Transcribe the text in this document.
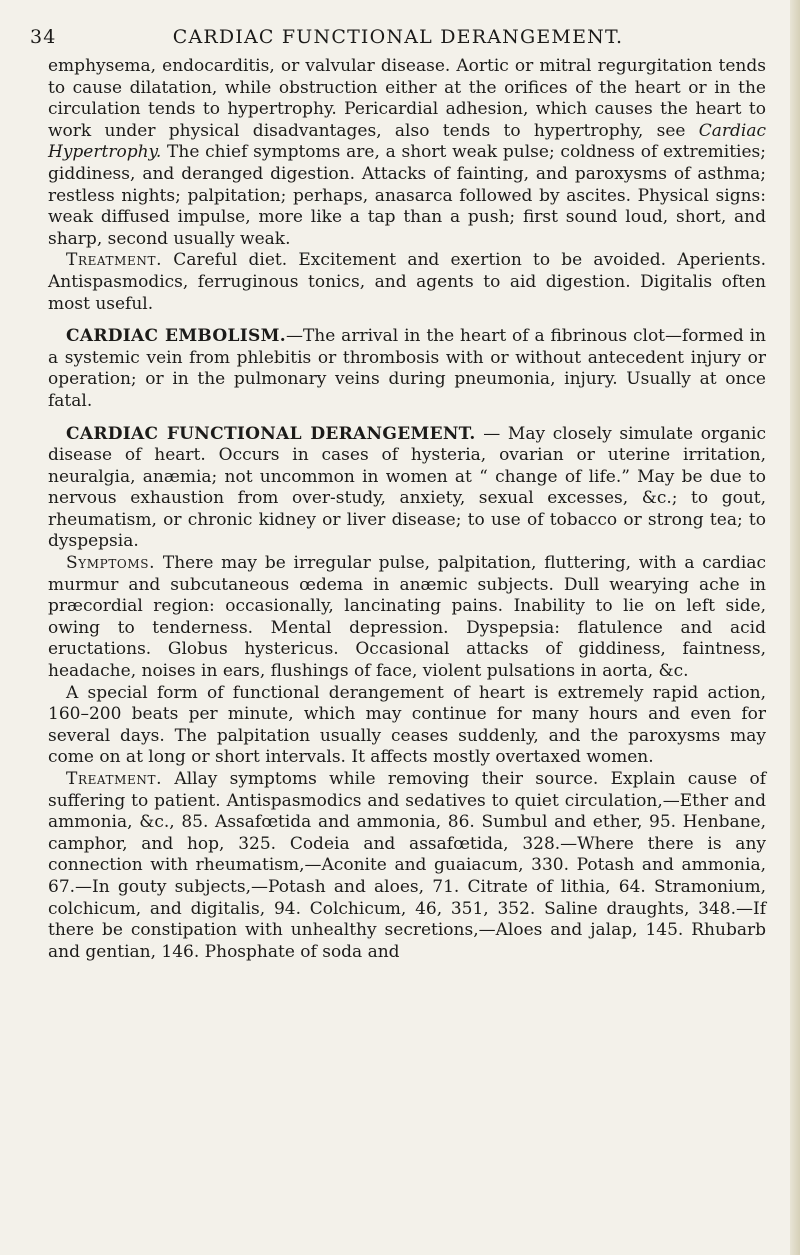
34	CARDIAC FUNCTIONAL DERANGEMENT.

emphysema, endocarditis, or valvular disease. Aortic or mitral regurgitation tends to cause dilatation, while obstruction either at the orifices of the heart or in the circulation tends to hypertrophy. Pericardial adhesion, which causes the heart to work under physical disadvantages, also tends to hypertrophy, see Cardiac Hypertrophy. The chief symptoms are, a short weak pulse; coldness of extremities; giddiness, and deranged digestion. Attacks of fainting, and paroxysms of asthma; restless nights; palpitation; perhaps, anasarca followed by ascites. Physical signs: weak diffused impulse, more like a tap than a push; first sound loud, short, and sharp, second usually weak.

Treatment. Careful diet. Excitement and exertion to be avoided. Aperients. Antispasmodics, ferruginous tonics, and agents to aid digestion. Digitalis often most useful.

CARDIAC EMBOLISM.—The arrival in the heart of a fibrinous clot—formed in a systemic vein from phlebitis or thrombosis with or without antecedent injury or operation; or in the pulmonary veins during pneumonia, injury. Usually at once fatal.

CARDIAC FUNCTIONAL DERANGEMENT. — May closely simulate organic disease of heart. Occurs in cases of hysteria, ovarian or uterine irritation, neuralgia, anæmia; not uncommon in women at “ change of life.” May be due to nervous exhaustion from over-study, anxiety, sexual excesses, &c.; to gout, rheumatism, or chronic kidney or liver disease; to use of tobacco or strong tea; to dyspepsia.

Symptoms. There may be irregular pulse, palpitation, fluttering, with a cardiac murmur and subcutaneous œdema in anæmic subjects. Dull wearying ache in præcordial region: occasionally, lancinating pains. Inability to lie on left side, owing to tenderness. Mental depression. Dyspepsia: flatulence and acid eructations. Globus hystericus. Occasional attacks of giddiness, faintness, headache, noises in ears, flushings of face, violent pulsations in aorta, &c.

A special form of functional derangement of heart is extremely rapid action, 160–200 beats per minute, which may continue for many hours and even for several days. The palpitation usually ceases suddenly, and the paroxysms may come on at long or short intervals. It affects mostly overtaxed women.

Treatment. Allay symptoms while removing their source. Explain cause of suffering to patient. Antispasmodics and sedatives to quiet circulation,—Ether and ammonia, &c., 85. Assafœtida and ammonia, 86. Sumbul and ether, 95. Henbane, camphor, and hop, 325. Codeia and assafœtida, 328.—Where there is any connection with rheumatism,—Aconite and guaiacum, 330. Potash and ammonia, 67.—In gouty subjects,—Potash and aloes, 71. Citrate of lithia, 64. Stramonium, colchicum, and digitalis, 94. Colchicum, 46, 351, 352. Saline draughts, 348.—If there be constipation with unhealthy secretions,—Aloes and jalap, 145. Rhubarb and gentian, 146. Phosphate of soda and
